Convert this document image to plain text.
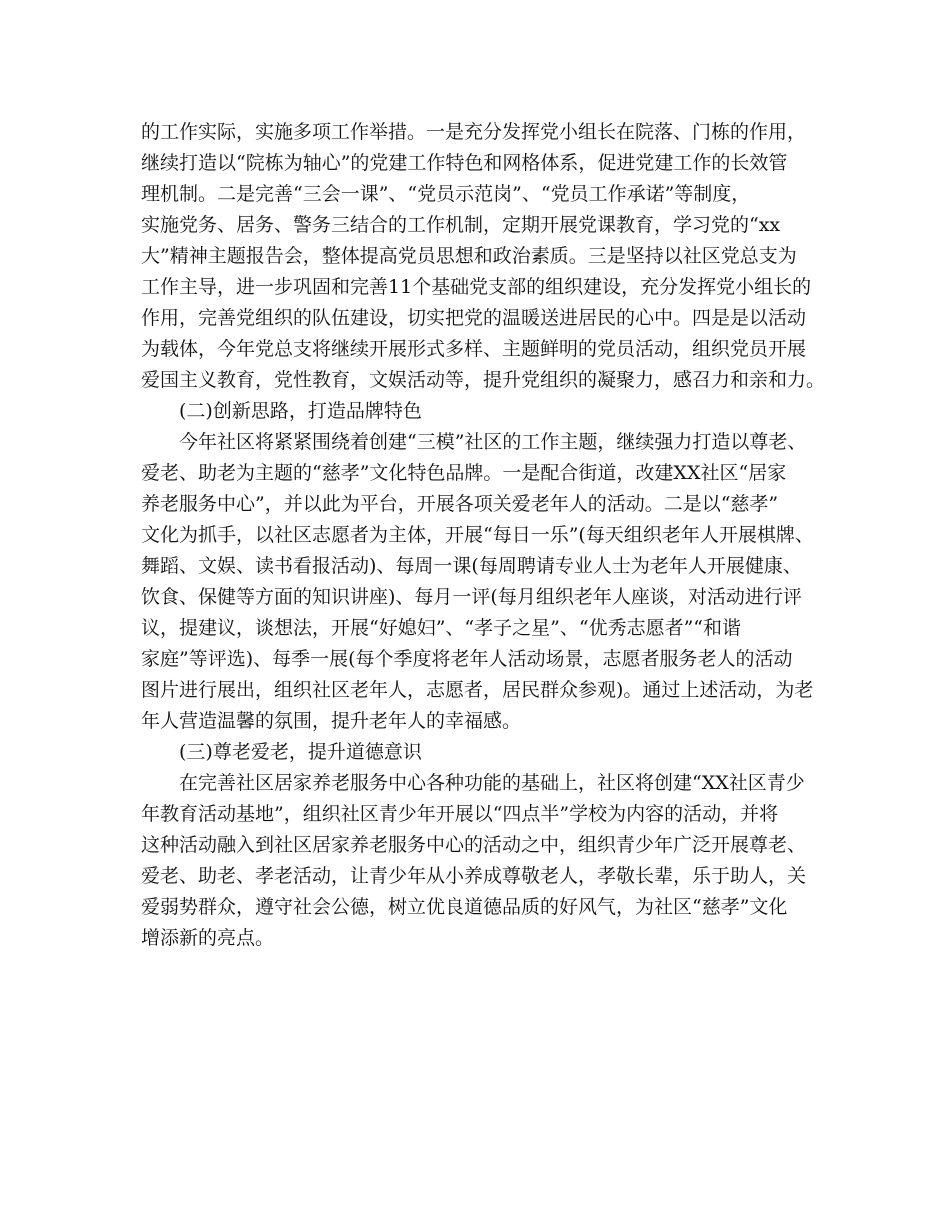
的工作实际，实施多项工作举措。一是充分发挥党小组长在院落、门栋的作用，
继续打造以“院栋为轴心”的党建工作特色和网格体系，促进党建工作的长效管
理机制。二是完善“三会一课”、“党员示范岗”、“党员工作承诺”等制度，
实施党务、居务、警务三结合的工作机制，定期开展党课教育，学习党的“xx
大”精神主题报告会，整体提高党员思想和政治素质。三是坚持以社区党总支为
工作主导，进一步巩固和完善11个基础党支部的组织建设，充分发挥党小组长的
作用，完善党组织的队伍建设，切实把党的温暖送进居民的心中。四是是以活动
为载体，今年党总支将继续开展形式多样、主题鲜明的党员活动，组织党员开展
爱国主义教育，党性教育，文娱活动等，提升党组织的凝聚力，感召力和亲和力。
(二)创新思路，打造品牌特色
今年社区将紧紧围绕着创建“三模”社区的工作主题，继续强力打造以尊老、
爱老、助老为主题的“慈孝”文化特色品牌。一是配合街道，改建XX社区“居家
养老服务中心”，并以此为平台，开展各项关爱老年人的活动。二是以“慈孝”
文化为抓手，以社区志愿者为主体，开展“每日一乐”(每天组织老年人开展棋牌、
舞蹈、文娱、读书看报活动)、每周一课(每周聘请专业人士为老年人开展健康、
饮食、保健等方面的知识讲座)、每月一评(每月组织老年人座谈，对活动进行评
议，提建议，谈想法，开展“好媳妇”、“孝子之星”、“优秀志愿者”“和谐
家庭”等评选)、每季一展(每个季度将老年人活动场景，志愿者服务老人的活动
图片进行展出，组织社区老年人，志愿者，居民群众参观)。通过上述活动，为老
年人营造温馨的氛围，提升老年人的幸福感。
(三)尊老爱老，提升道德意识
在完善社区居家养老服务中心各种功能的基础上，社区将创建“XX社区青少
年教育活动基地”，组织社区青少年开展以“四点半”学校为内容的活动，并将
这种活动融入到社区居家养老服务中心的活动之中，组织青少年广泛开展尊老、
爱老、助老、孝老活动，让青少年从小养成尊敬老人，孝敬长辈，乐于助人，关
爱弱势群众，遵守社会公德，树立优良道德品质的好风气，为社区“慈孝”文化
增添新的亮点。
